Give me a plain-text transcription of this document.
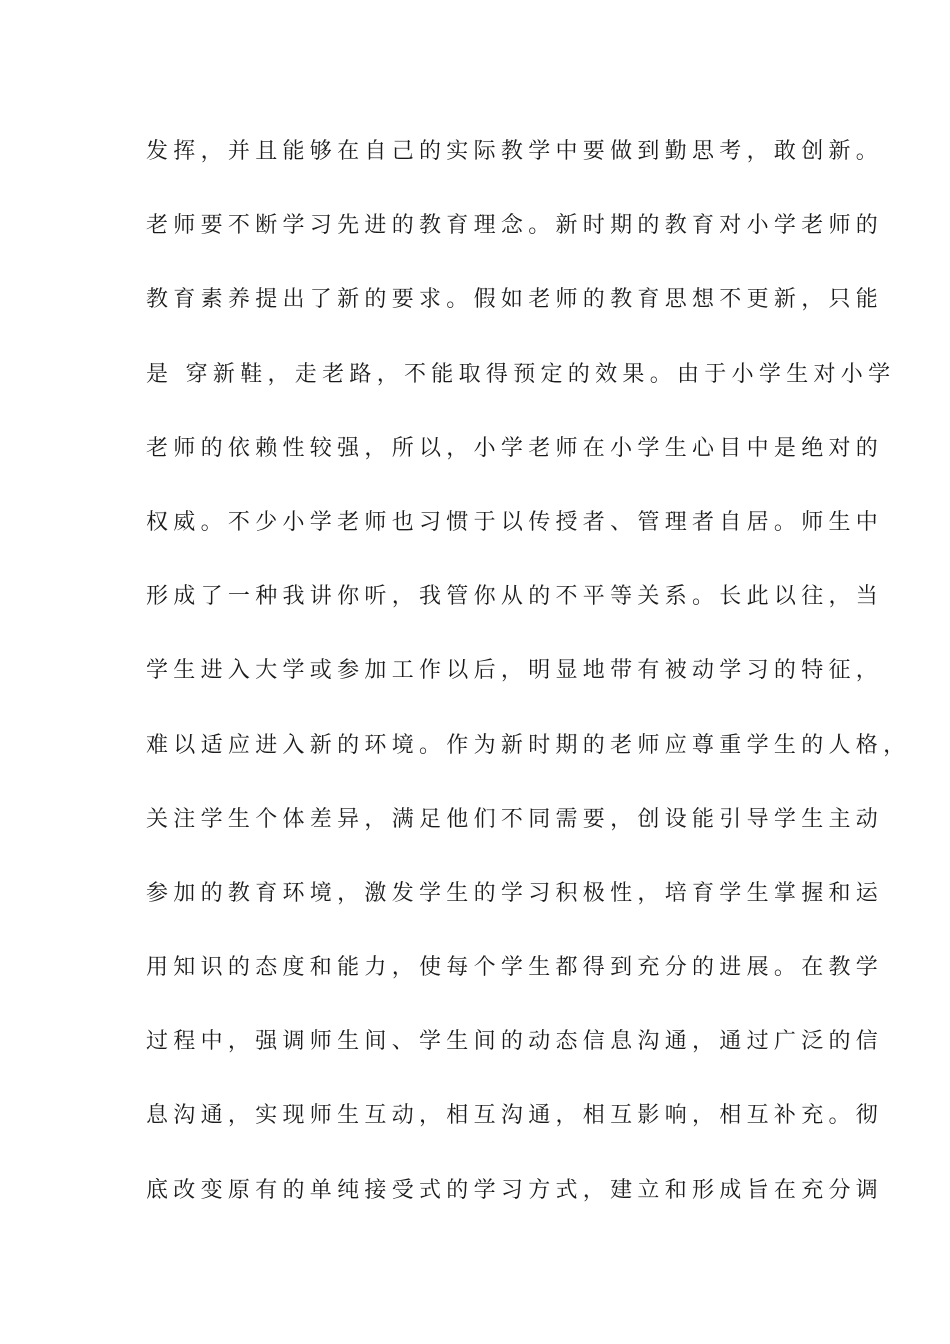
发挥，并且能够在自己的实际教学中要做到勤思考，敢创新。
老师要不断学习先进的教育理念。新时期的教育对小学老师的
教育素养提出了新的要求。假如老师的教育思想不更新，只能
是 穿新鞋，走老路，不能取得预定的效果。由于小学生对小学
老师的依赖性较强，所以，小学老师在小学生心目中是绝对的
权威。不少小学老师也习惯于以传授者、管理者自居。师生中
形成了一种我讲你听，我管你从的不平等关系。长此以往，当
学生进入大学或参加工作以后，明显地带有被动学习的特征，
难以适应进入新的环境。作为新时期的老师应尊重学生的人格，
关注学生个体差异，满足他们不同需要，创设能引导学生主动
参加的教育环境，激发学生的学习积极性，培育学生掌握和运
用知识的态度和能力，使每个学生都得到充分的进展。在教学
过程中，强调师生间、学生间的动态信息沟通，通过广泛的信
息沟通，实现师生互动，相互沟通，相互影响，相互补充。彻
底改变原有的单纯接受式的学习方式，建立和形成旨在充分调
